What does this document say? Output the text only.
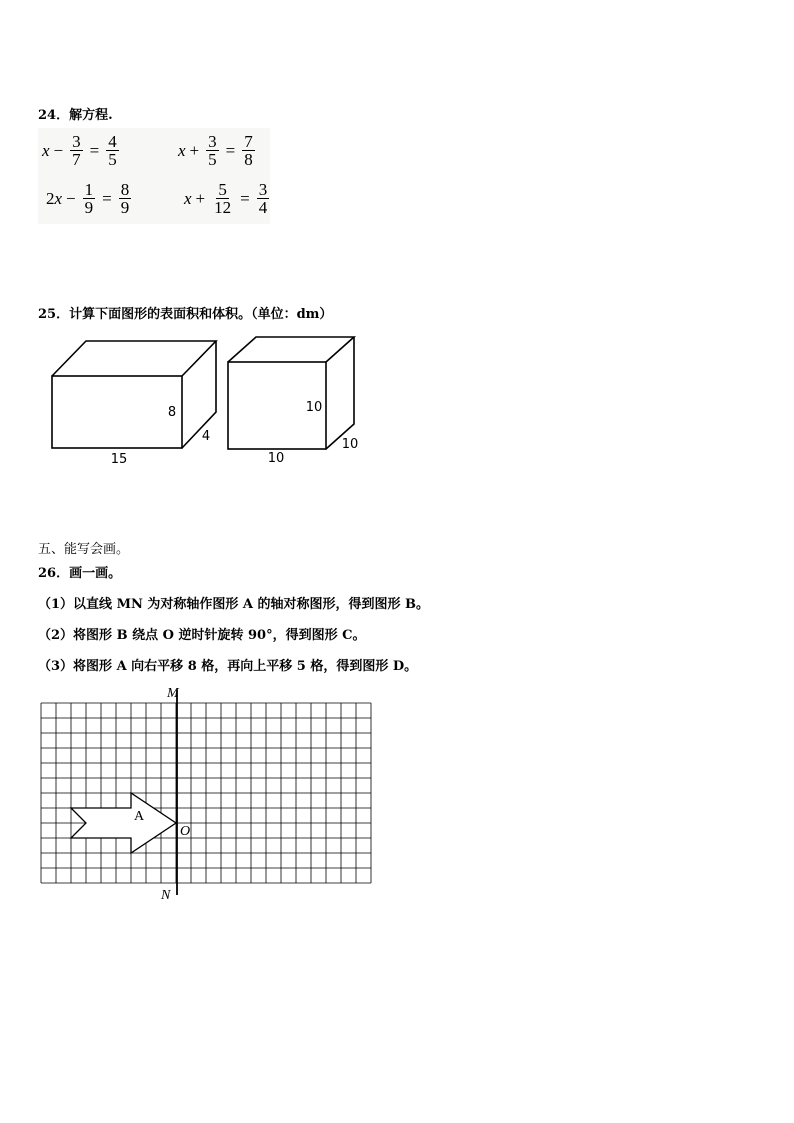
24．解方程.
$x - \frac{3}{7} = \frac{4}{5}$	$x + \frac{3}{5} = \frac{7}{8}$
2 $x - \frac{1}{9} = \frac{8}{9}$	$x + \frac{5}{12} = \frac{3}{4}$
25．计算下面图形的表面积和体积。（单位：dm）
8
4
15
10
10
10
五、能写会画。
26．画一画。
（1）以直线 MN 为对称轴作图形 A 的轴对称图形，得到图形 B。
（2）将图形 B 绕点 O 逆时针旋转 90°，得到图形 C。
（3）将图形 A 向右平移 8 格，再向上平移 5 格，得到图形 D。
M
N
A
O
